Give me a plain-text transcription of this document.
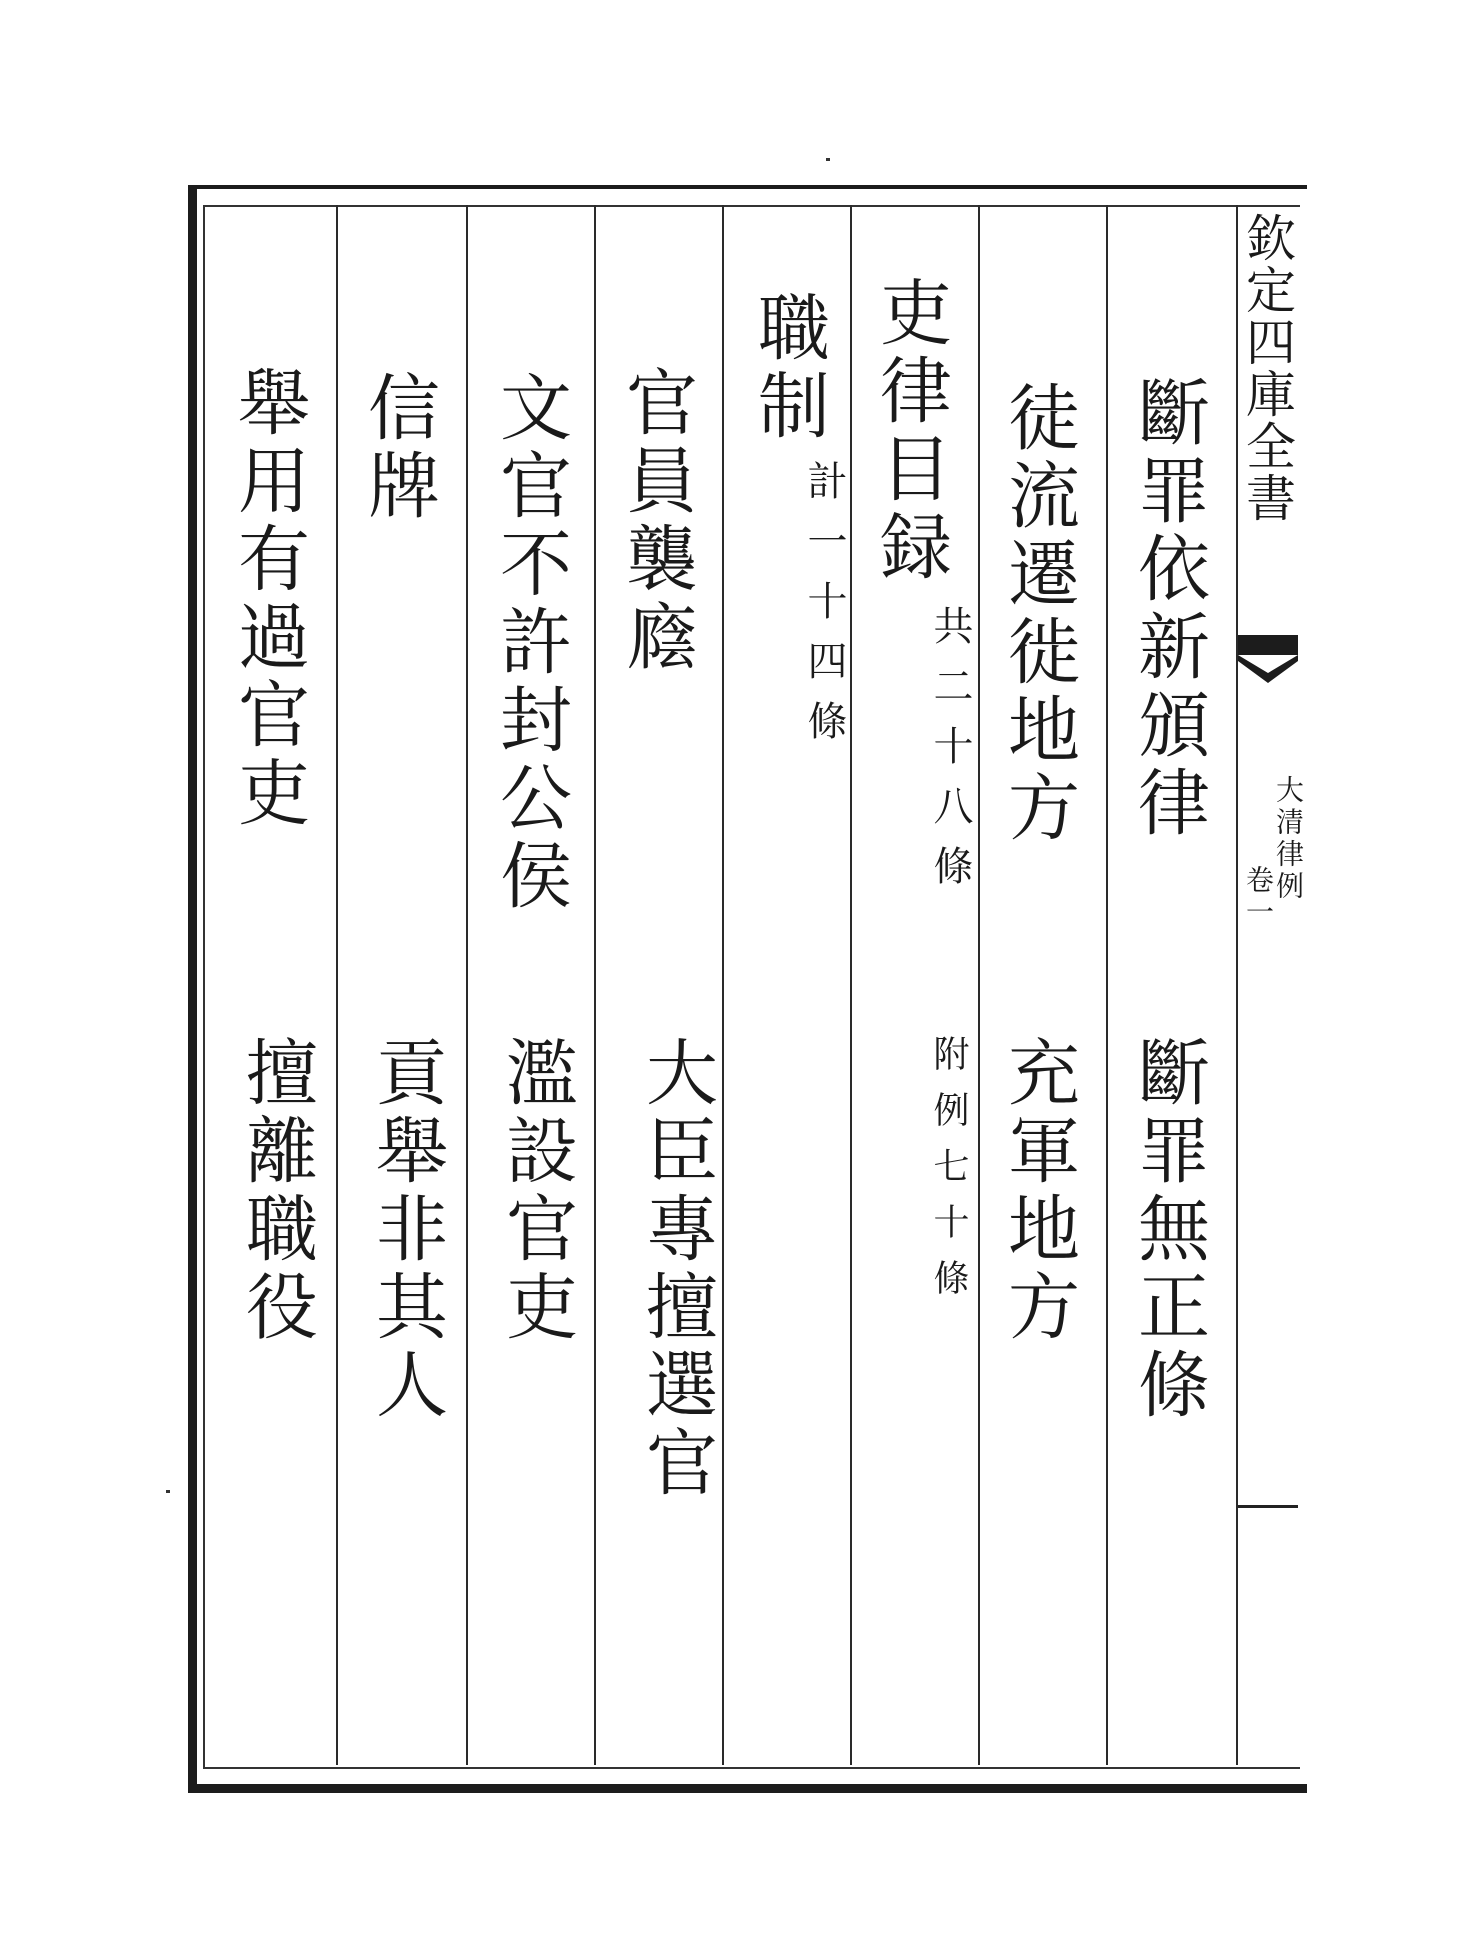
欽定四庫全書
大清律例
卷一
斷罪依新頒律
斷罪無正條
徒流遷徙地方
充軍地方
吏律目録
共二十八條
附例七十條
職制
計一十四條
官員襲廕
大臣專擅選官
文官不許封公侯
濫設官吏
信牌
貢舉非其人
舉用有過官吏
擅離職役
